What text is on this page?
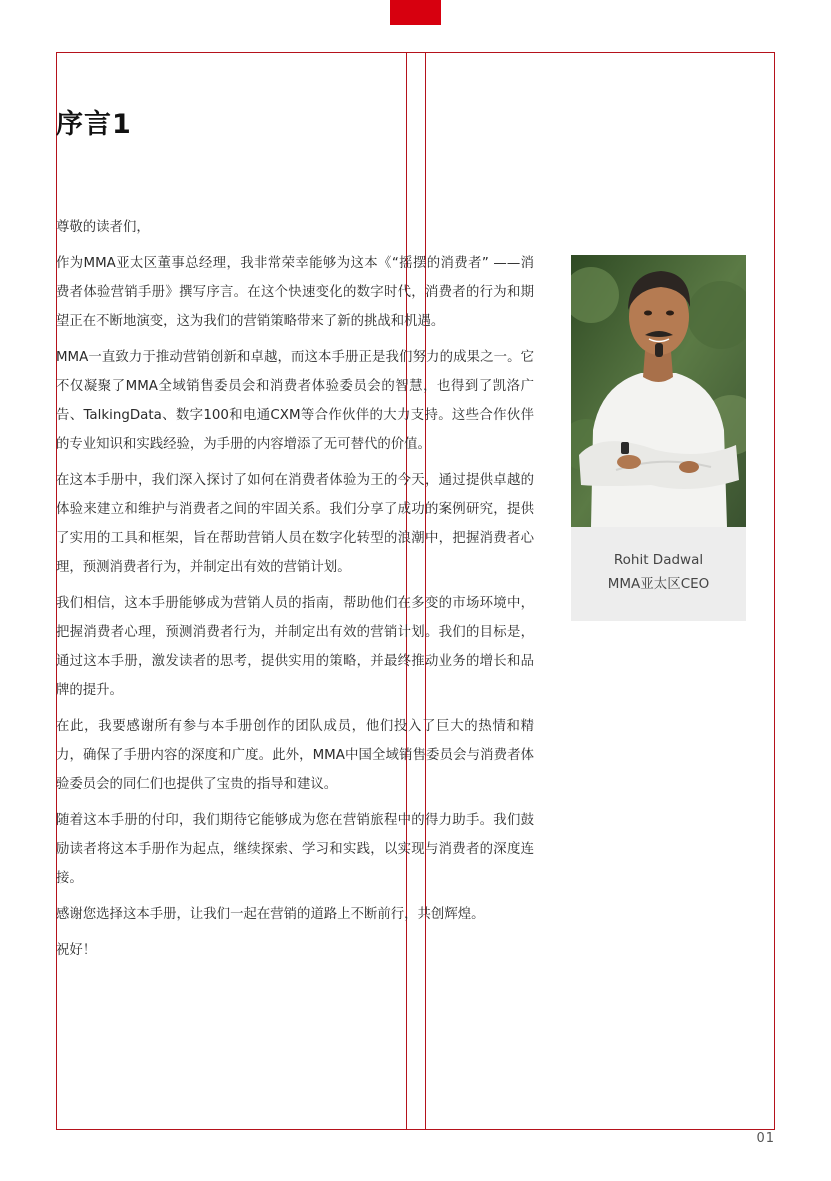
序言1

尊敬的读者们，

作为MMA亚太区董事总经理，我非常荣幸能够为这本《“摇摆的消费者” ——消费者体验营销手册》撰写序言。在这个快速变化的数字时代，消费者的行为和期望正在不断地演变，这为我们的营销策略带来了新的挑战和机遇。

MMA一直致力于推动营销创新和卓越，而这本手册正是我们努力的成果之一。它不仅凝聚了MMA全域销售委员会和消费者体验委员会的智慧，也得到了凯洛广告、TalkingData、数字100和电通CXM等合作伙伴的大力支持。这些合作伙伴的专业知识和实践经验，为手册的内容增添了无可替代的价值。

在这本手册中，我们深入探讨了如何在消费者体验为王的今天，通过提供卓越的体验来建立和维护与消费者之间的牢固关系。我们分享了成功的案例研究，提供了实用的工具和框架，旨在帮助营销人员在数字化转型的浪潮中，把握消费者心理，预测消费者行为，并制定出有效的营销计划。

我们相信，这本手册能够成为营销人员的指南，帮助他们在多变的市场环境中，把握消费者心理，预测消费者行为，并制定出有效的营销计划。我们的目标是，通过这本手册，激发读者的思考，提供实用的策略，并最终推动业务的增长和品牌的提升。

在此，我要感谢所有参与本手册创作的团队成员，他们投入了巨大的热情和精力，确保了手册内容的深度和广度。此外，MMA中国全域销售委员会与消费者体验委员会的同仁们也提供了宝贵的指导和建议。

随着这本手册的付印，我们期待它能够成为您在营销旅程中的得力助手。我们鼓励读者将这本手册作为起点，继续探索、学习和实践，以实现与消费者的深度连接。

感谢您选择这本手册，让我们一起在营销的道路上不断前行，共创辉煌。

祝好！

Rohit Dadwal
MMA亚太区CEO
01
